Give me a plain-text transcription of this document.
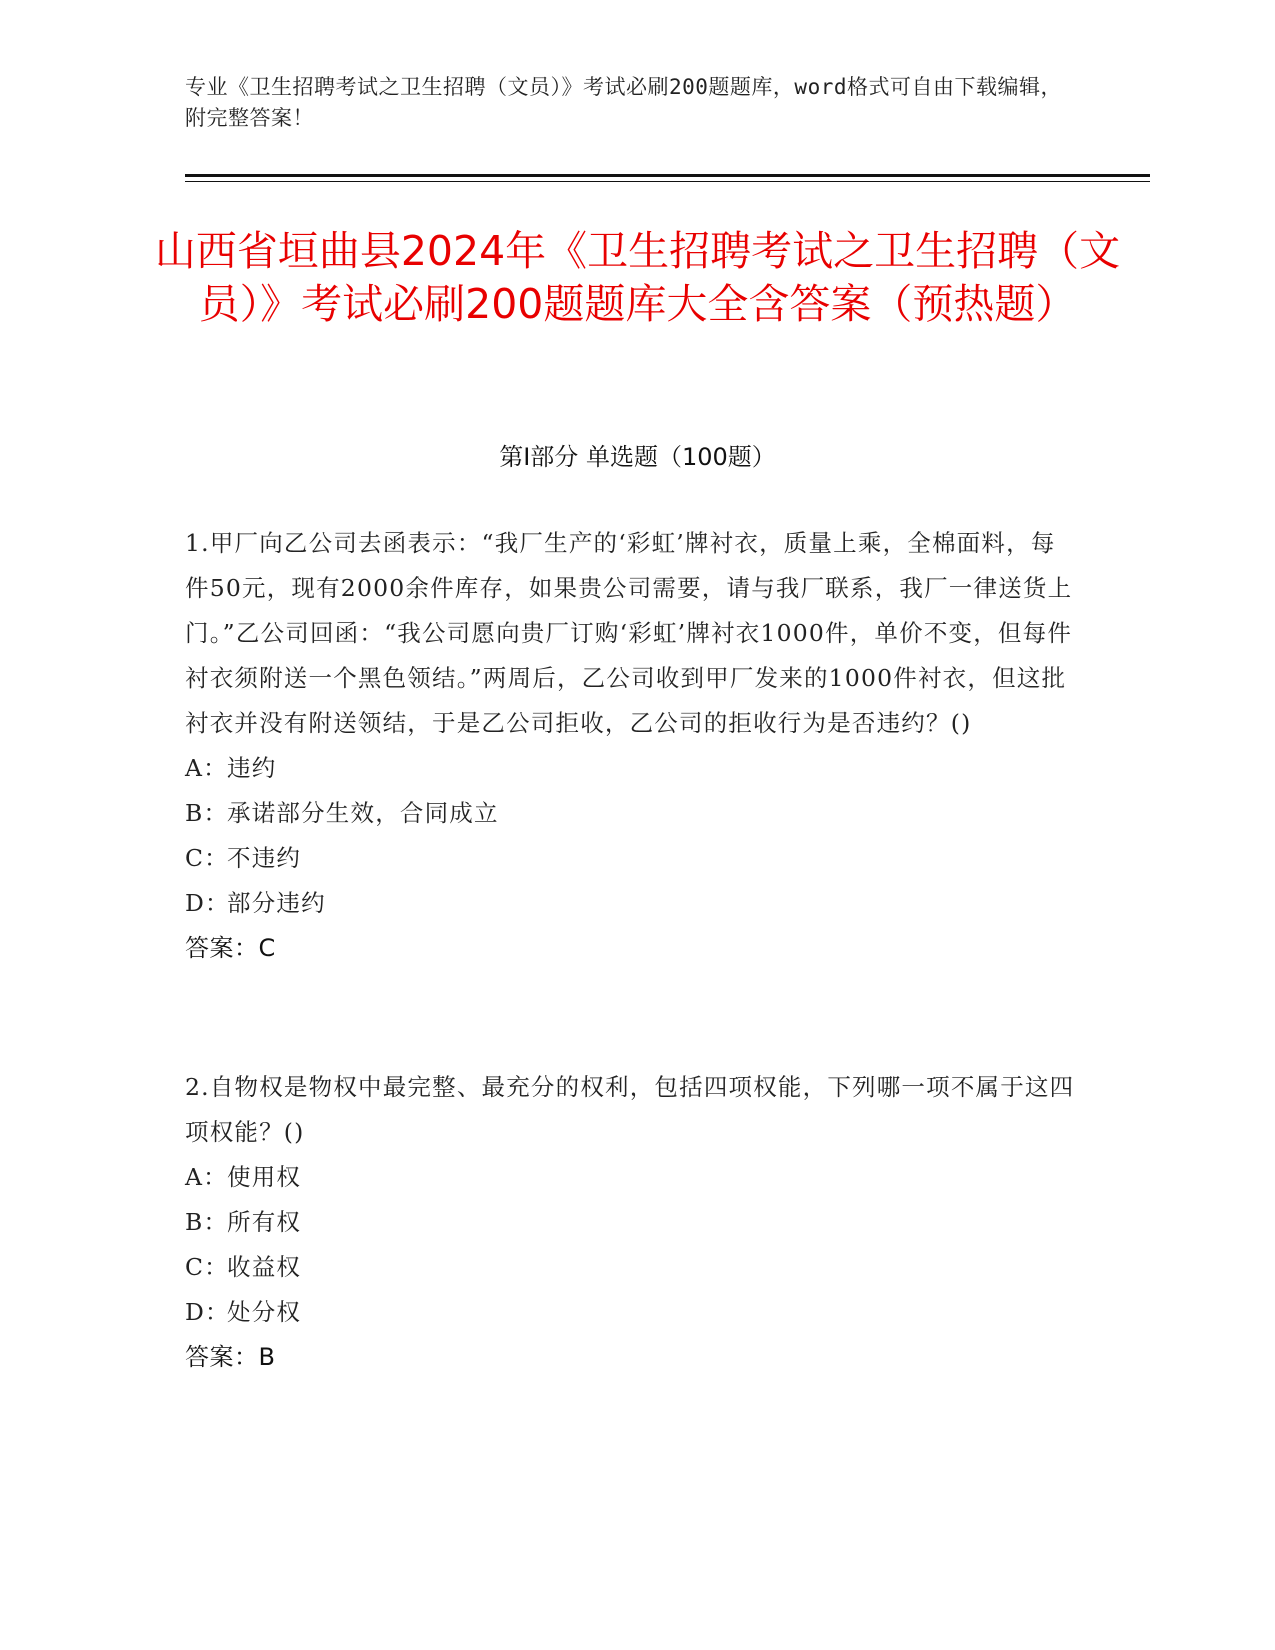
专业《卫生招聘考试之卫生招聘（文员）》考试必刷200题题库，word格式可自由下载编辑，附完整答案！
山西省垣曲县2024年《卫生招聘考试之卫生招聘（文员）》考试必刷200题题库大全含答案（预热题）
第I部分 单选题（100题）

1.甲厂向乙公司去函表示：“我厂生产的‘彩虹’牌衬衣，质量上乘，全棉面料，每件50元，现有2000余件库存，如果贵公司需要，请与我厂联系，我厂一律送货上门。”乙公司回函：“我公司愿向贵厂订购‘彩虹’牌衬衣1000件，单价不变，但每件衬衣须附送一个黑色领结。”两周后，乙公司收到甲厂发来的1000件衬衣，但这批衬衣并没有附送领结，于是乙公司拒收，乙公司的拒收行为是否违约？()

A：违约
B：承诺部分生效，合同成立
C：不违约
D：部分违约

答案：C

2.自物权是物权中最完整、最充分的权利，包括四项权能，下列哪一项不属于这四项权能？()

A：使用权
B：所有权
C：收益权
D：处分权

答案：B
